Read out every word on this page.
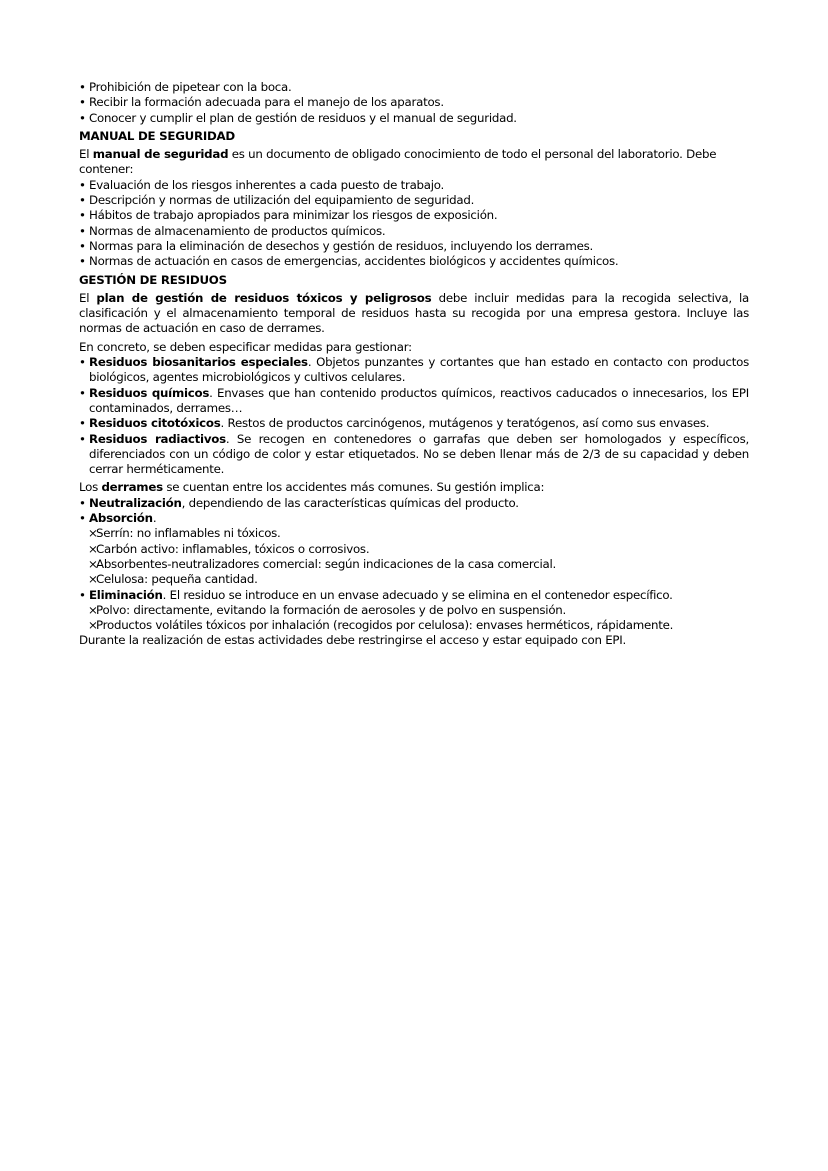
• Prohibición de pipetear con la boca.
• Recibir la formación adecuada para el manejo de los aparatos.
• Conocer y cumplir el plan de gestión de residuos y el manual de seguridad.
MANUAL DE SEGURIDAD

El manual de seguridad es un documento de obligado conocimiento de todo el personal del laboratorio. Debe contener:

• Evaluación de los riesgos inherentes a cada puesto de trabajo.
• Descripción y normas de utilización del equipamiento de seguridad.
• Hábitos de trabajo apropiados para minimizar los riesgos de exposición.
• Normas de almacenamiento de productos químicos.
• Normas para la eliminación de desechos y gestión de residuos, incluyendo los derrames.
• Normas de actuación en casos de emergencias, accidentes biológicos y accidentes químicos.
GESTIÓN DE RESIDUOS

El plan de gestión de residuos tóxicos y peligrosos debe incluir medidas para la recogida selectiva, la clasificación y el almacenamiento temporal de residuos hasta su recogida por una empresa gestora. Incluye las normas de actuación en caso de derrames.

En concreto, se deben especificar medidas para gestionar:

• Residuos biosanitarios especiales. Objetos punzantes y cortantes que han estado en contacto con productos biológicos, agentes microbiológicos y cultivos celulares.
• Residuos químicos. Envases que han contenido productos químicos, reactivos caducados o innecesarios, los EPI contaminados, derrames…
• Residuos citotóxicos. Restos de productos carcinógenos, mutágenos y teratógenos, así como sus envases.
• Residuos radiactivos. Se recogen en contenedores o garrafas que deben ser homologados y específicos, diferenciados con un código de color y estar etiquetados. No se deben llenar más de 2/3 de su capacidad y deben cerrar herméticamente.

Los derrames se cuentan entre los accidentes más comunes. Su gestión implica:

• Neutralización, dependiendo de las características químicas del producto.
• Absorción.
× Serrín: no inflamables ni tóxicos.
× Carbón activo: inflamables, tóxicos o corrosivos.
× Absorbentes-neutralizadores comercial: según indicaciones de la casa comercial.
× Celulosa: pequeña cantidad.
• Eliminación. El residuo se introduce en un envase adecuado y se elimina en el contenedor específico.
× Polvo: directamente, evitando la formación de aerosoles y de polvo en suspensión.
× Productos volátiles tóxicos por inhalación (recogidos por celulosa): envases herméticos, rápidamente.

Durante la realización de estas actividades debe restringirse el acceso y estar equipado con EPI.
